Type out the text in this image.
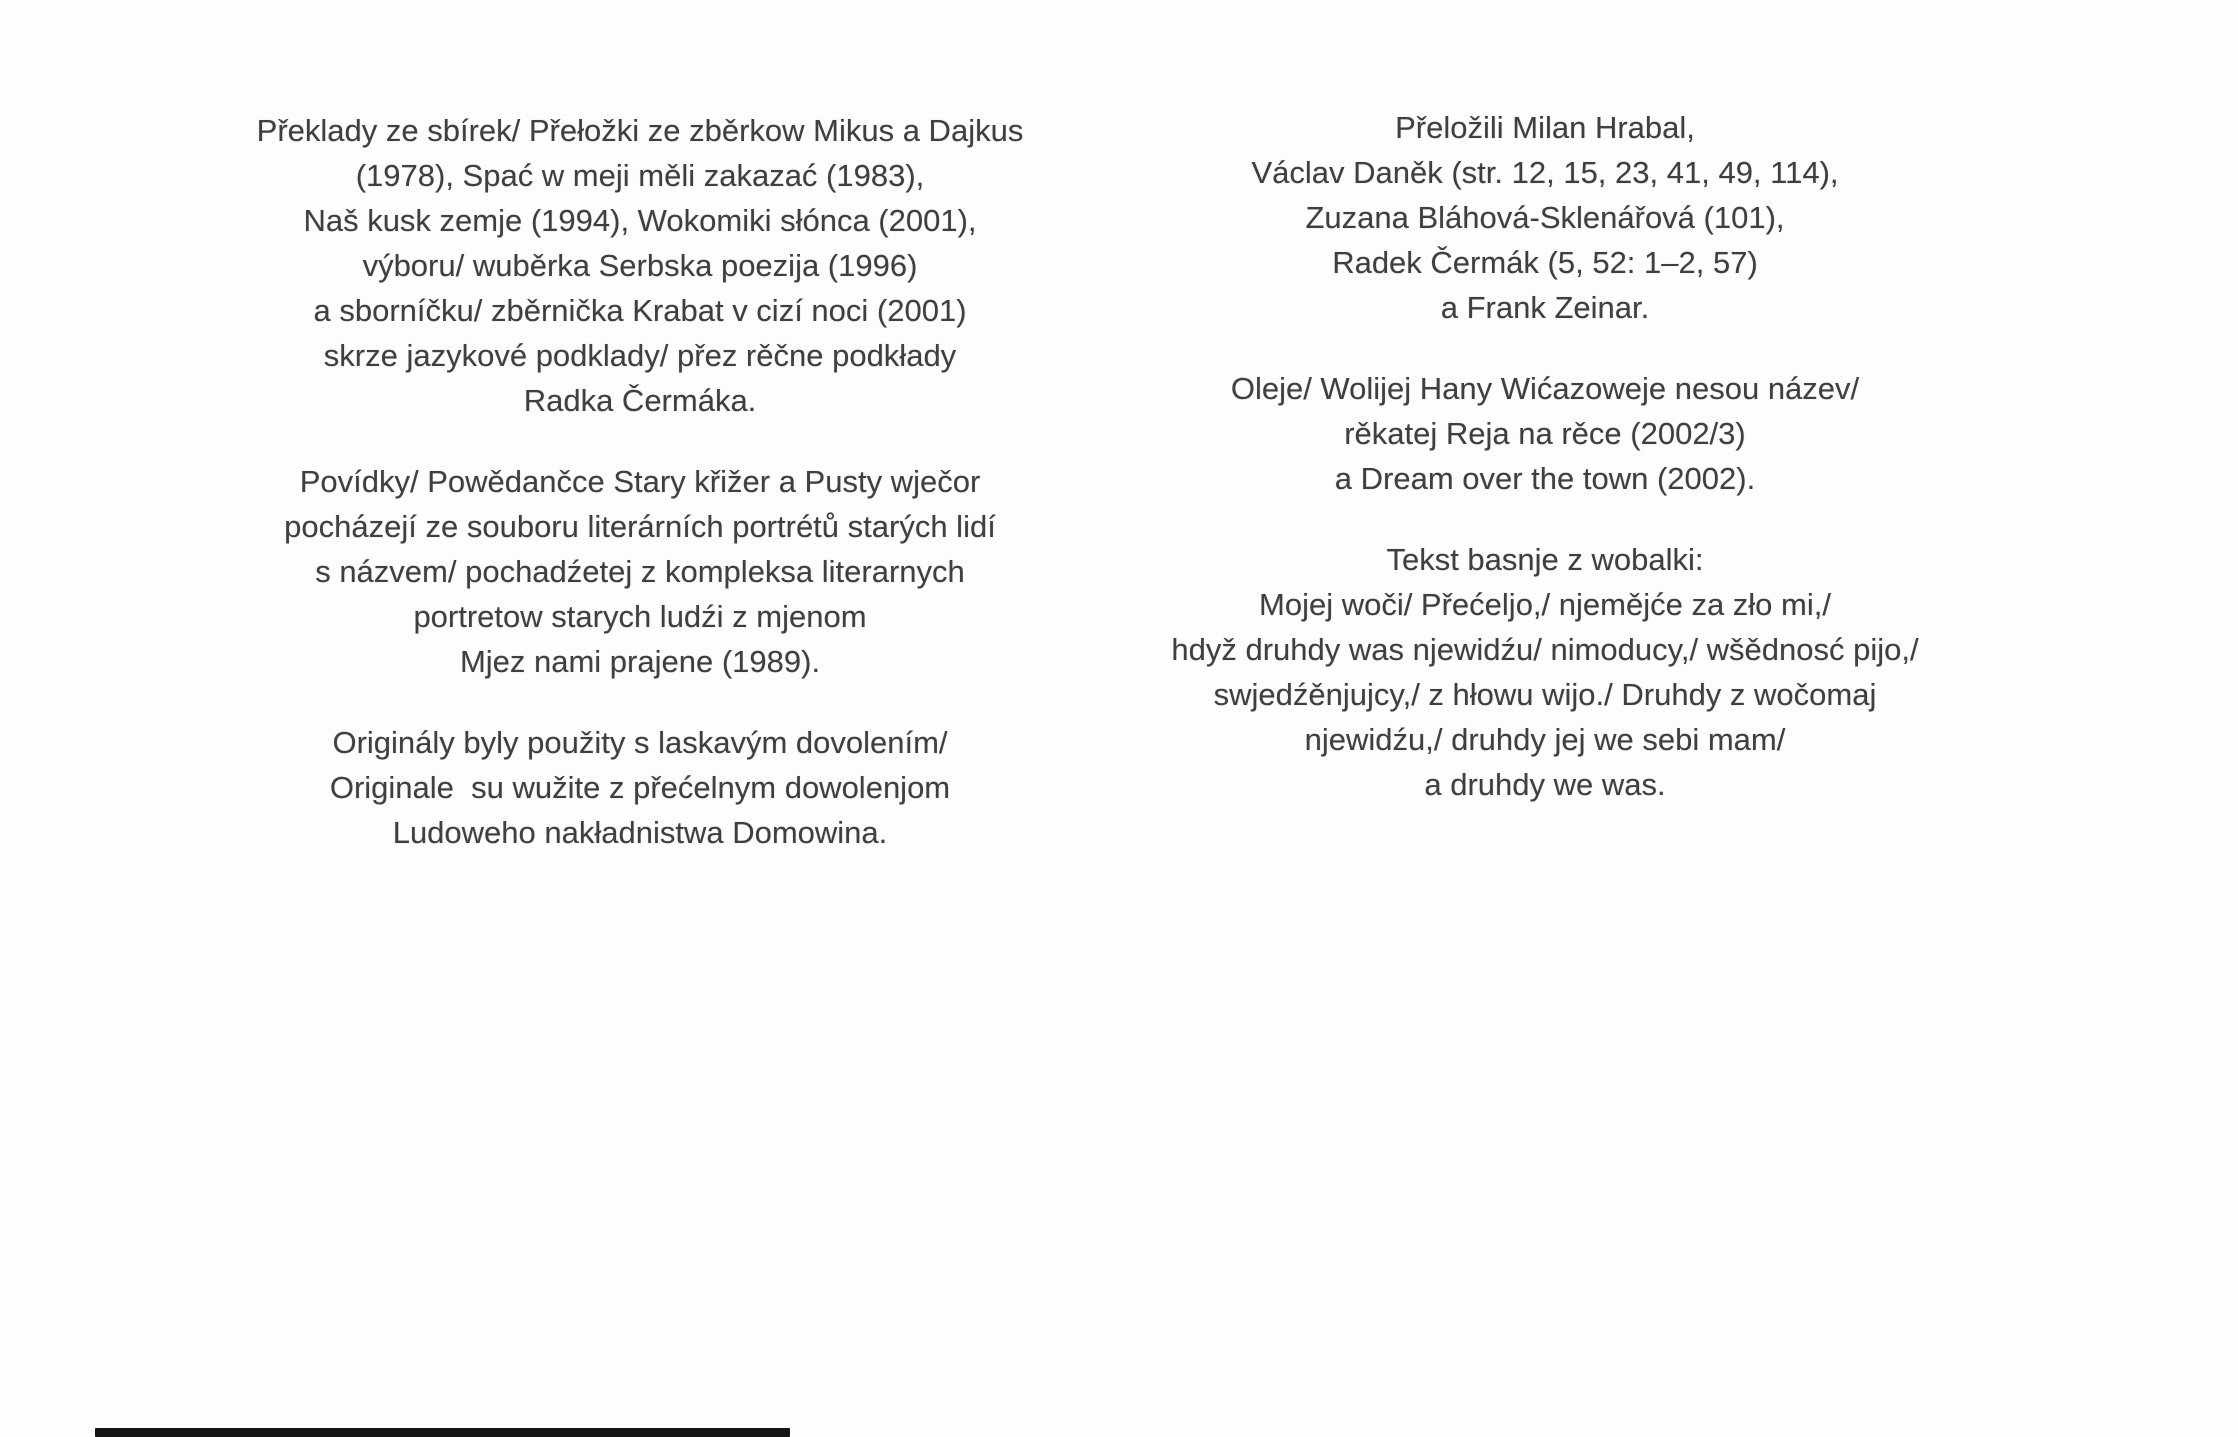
Překlady ze sbírek/ Přełožki ze zběrkow Mikus a Dajkus
(1978), Spać w meji měli zakazać (1983),
Naš kusk zemje (1994), Wokomiki słónca (2001),
výboru/ wuběrka Serbska poezija (1996)
a sborníčku/ zběrnička Krabat v cizí noci (2001)
skrze jazykové podklady/ přez rěčne podkłady
Radka Čermáka.
Povídky/ Powědančce Stary křižer a Pusty wječor
pocházejí ze souboru literárních portrétů starých lidí
s názvem/ pochadźetej z kompleksa literarnych
portretow starych ludźi z mjenom
Mjez nami prajene (1989).
Originály byly použity s laskavým dovolením/
Originale  su wužite z přećelnym dowolenjom
Ludoweho nakładnistwa Domowina.
Přeložili Milan Hrabal,
Václav Daněk (str. 12, 15, 23, 41, 49, 114),
Zuzana Bláhová-Sklenářová (101),
Radek Čermák (5, 52: 1–2, 57)
a Frank Zeinar.
Oleje/ Wolijej Hany Wićazoweje nesou název/
rěkatej Reja na rěce (2002/3)
a Dream over the town (2002).
Tekst basnje z wobalki:
Mojej woči/ Přećeljo,/ njemějće za zło mi,/
hdyž druhdy was njewidźu/ nimoducy,/ wšědnosć pijo,/
swjedźěnjujcy,/ z hłowu wijo./ Druhdy z wočomaj
njewidźu,/ druhdy jej we sebi mam/
a druhdy we was.
